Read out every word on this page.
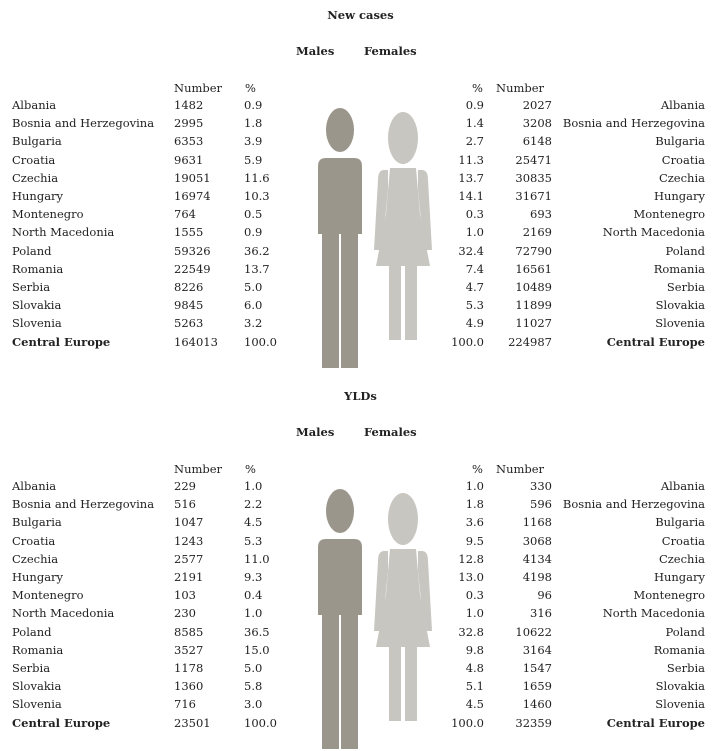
New cases
Males	Females
Number %	% Number
Albania	1482	0.9	0.9	2027	Albania
Bosnia and Herzegovina 2995	1.8	1.4	3208 Bosnia and Herzegovina
Bulgaria	6353	3.9	2.7	6148	Bulgaria
Croatia	9631	5.9	11.3	25471	Croatia
Czechia	19051	11.6	13.7	30835	Czechia
Hungary	16974	10.3	14.1	31671	Hungary
Montenegro	764	0.5	0.3	693	Montenegro
North Macedonia	1555	0.9	1.0	2169	North Macedonia
Poland	59326	36.2	32.4	72790	Poland
Romania	22549	13.7	7.4	16561	Romania
Serbia	8226	5.0	4.7	10489	Serbia
Slovakia	9845	6.0	5.3	11899	Slovakia
Slovenia	5263	3.2	4.9	11027	Slovenia
Central Europe	164013 100.0	100.0 224987	Central Europe
YLDs
Males	Females
Number %	% Number
Albania	229	1.0	1.0	330	Albania
Bosnia and Herzegovina 516	2.2	1.8	596 Bosnia and Herzegovina
Bulgaria	1047	4.5	3.6	1168	Bulgaria
Croatia	1243	5.3	9.5	3068	Croatia
Czechia	2577	11.0	12.8	4134	Czechia
Hungary	2191	9.3	13.0	4198	Hungary
Montenegro	103	0.4	0.3	96	Montenegro
North Macedonia	230	1.0	1.0	316	North Macedonia
Poland	8585	36.5	32.8	10622	Poland
Romania	3527	15.0	9.8	3164	Romania
Serbia	1178	5.0	4.8	1547	Serbia
Slovakia	1360	5.8	5.1	1659	Slovakia
Slovenia	716	3.0	4.5	1460	Slovenia
Central Europe	23501	100.0	100.0	32359	Central Europe
